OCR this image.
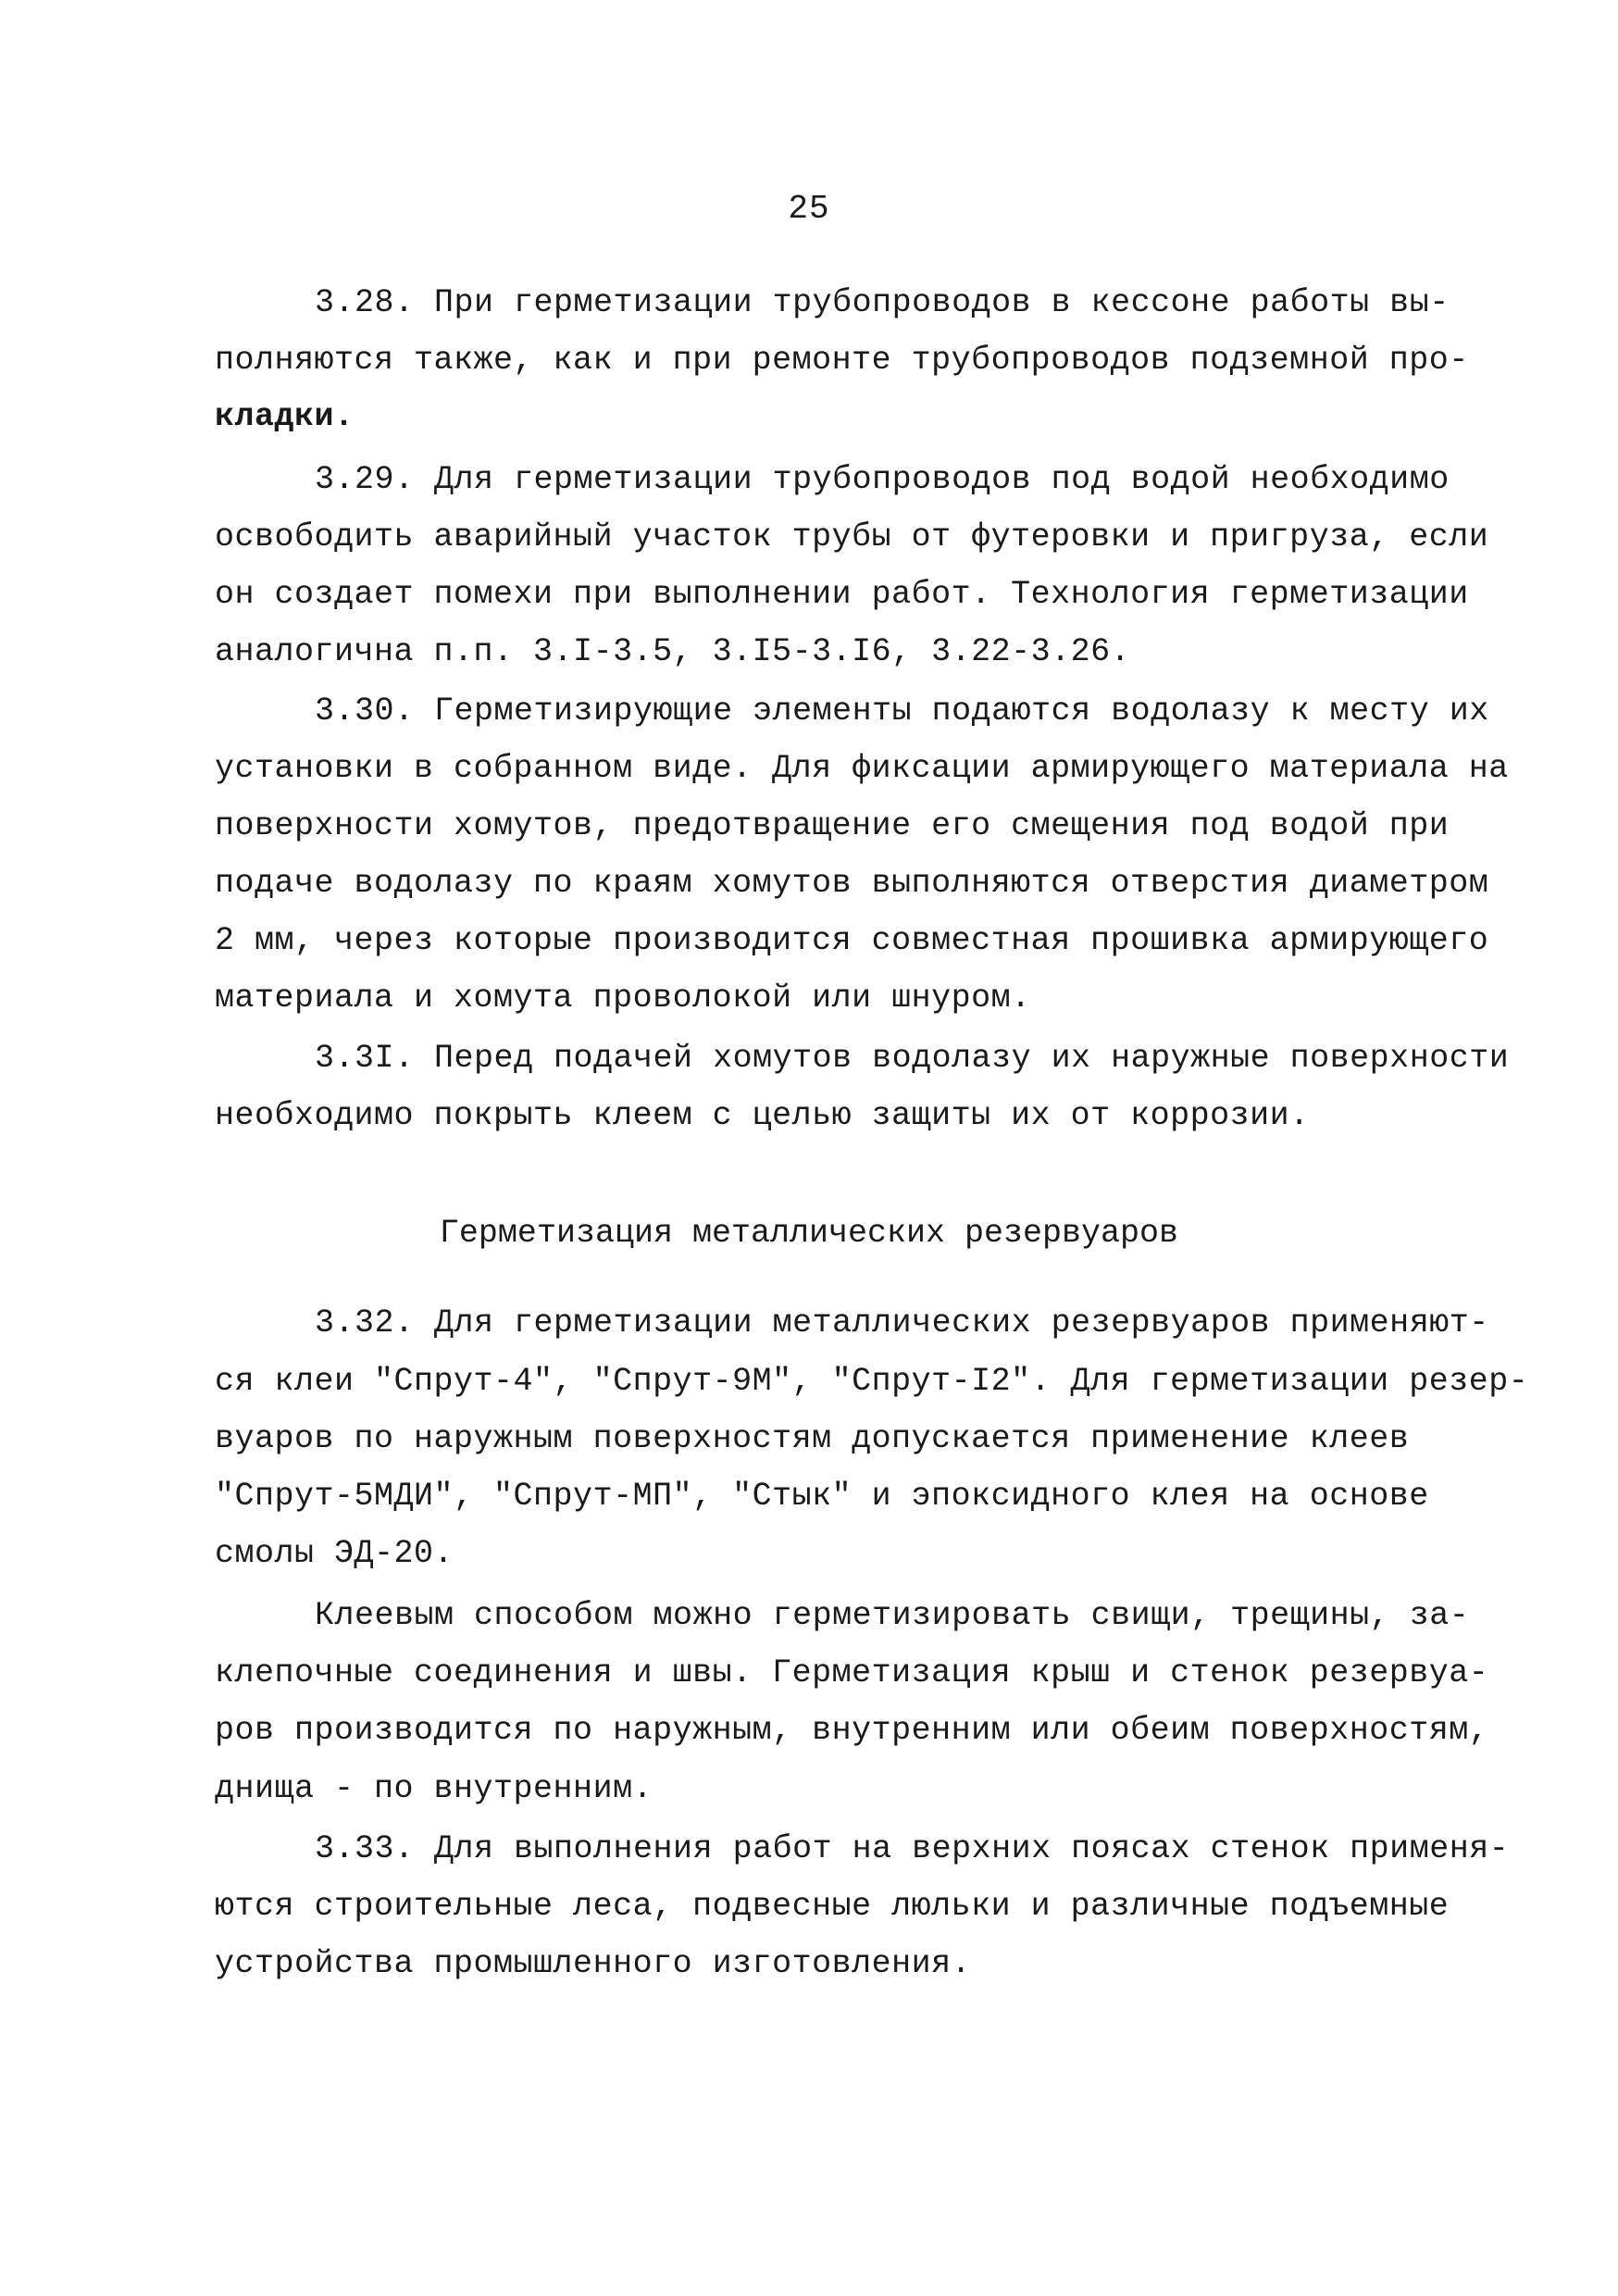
25
3.28. При герметизации трубопроводов в кессоне работы вы-
полняются также, как и при ремонте трубопроводов подземной про-
кладки.
3.29. Для герметизации трубопроводов под водой необходимо
освободить аварийный участок трубы от футеровки и пригруза, если
он создает помехи при выполнении работ. Технология герметизации
аналогична п.п. 3.I-3.5, 3.I5-3.I6, 3.22-3.26.
3.30. Герметизирующие элементы подаются водолазу к месту их
установки в собранном виде. Для фиксации армирующего материала на
поверхности хомутов, предотвращение его смещения под водой при
подаче водолазу по краям хомутов выполняются отверстия диаметром
2 мм, через которые производится совместная прошивка армирующего
материала и хомута проволокой или шнуром.
3.3I. Перед подачей хомутов водолазу их наружные поверхности
необходимо покрыть клеем с целью защиты их от коррозии.
Герметизация металлических резервуаров
3.32. Для герметизации металлических резервуаров применяют-
ся клеи "Спрут-4", "Спрут-9М", "Спрут-I2". Для герметизации резер-
вуаров по наружным поверхностям допускается применение клеев
"Спрут-5МДИ", "Спрут-МП", "Стык" и эпоксидного клея на основе
смолы ЭД-20.
Клеевым способом можно герметизировать свищи, трещины, за-
клепочные соединения и швы. Герметизация крыш и стенок резервуа-
ров производится по наружным, внутренним или обеим поверхностям,
днища - по внутренним.
3.33. Для выполнения работ на верхних поясах стенок применя-
ются строительные леса, подвесные люльки и различные подъемные
устройства промышленного изготовления.
